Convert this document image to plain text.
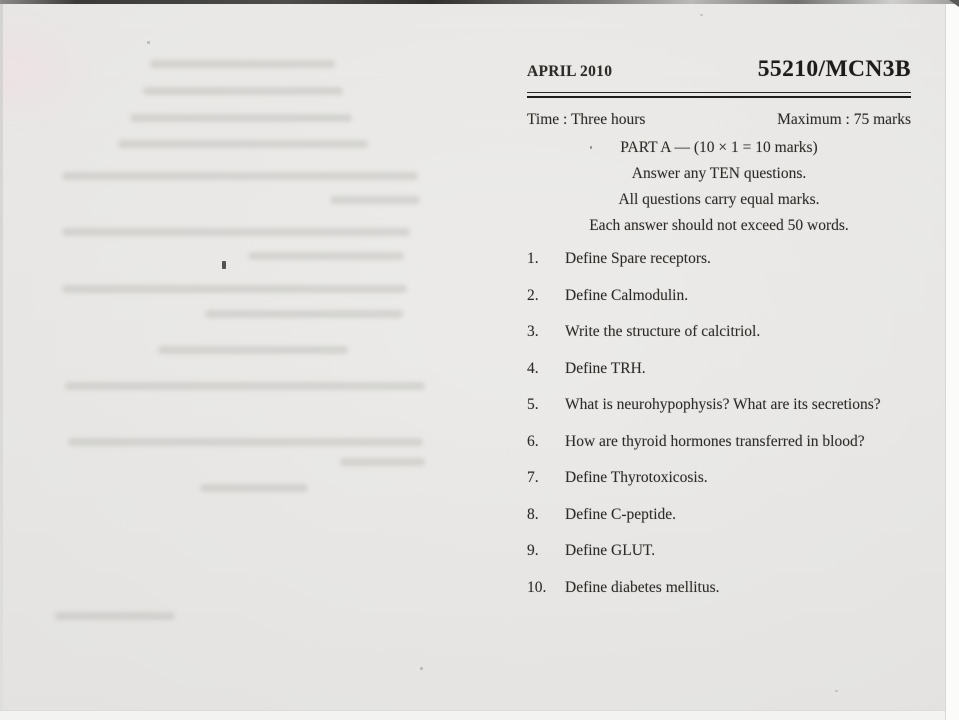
APRIL 2010	55210/MCN3B
Time : Three hours	Maximum : 75 marks
PART A — (10 × 1 = 10 marks)
Answer any TEN questions.
All questions carry equal marks.
Each answer should not exceed 50 words.
1.	Define Spare receptors.
2.	Define Calmodulin.
3.	Write the structure of calcitriol.
4.	Define TRH.
5.	What is neurohypophysis? What are its secretions?
6.	How are thyroid hormones transferred in blood?
7.	Define Thyrotoxicosis.
8.	Define C-peptide.
9.	Define GLUT.
10.	Define diabetes mellitus.
